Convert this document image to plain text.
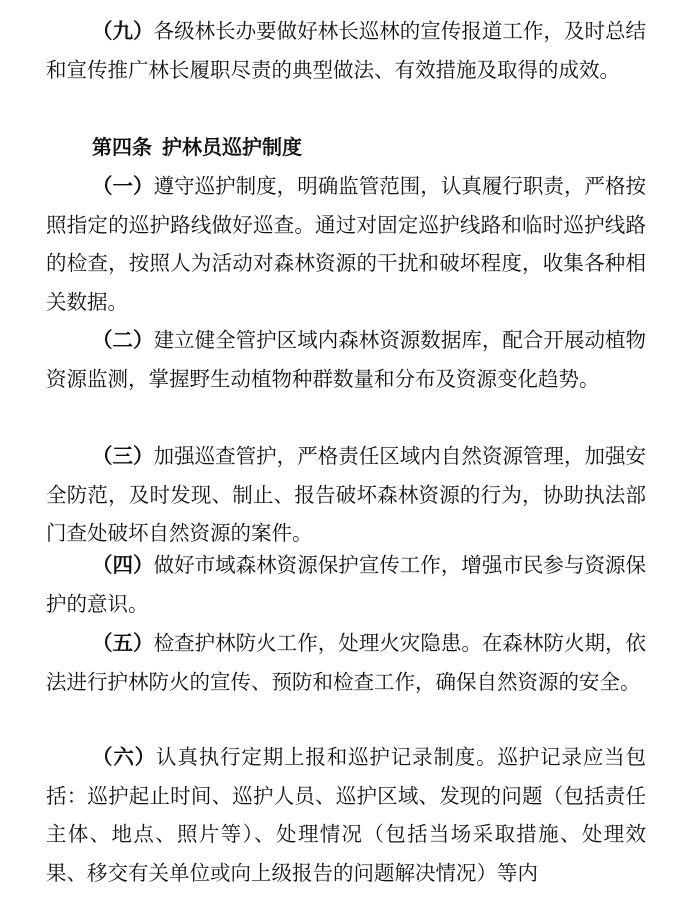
（九）各级林长办要做好林长巡林的宣传报道工作，及时总结和宣传推广林长履职尽责的典型做法、有效措施及取得的成效。

第四条 护林员巡护制度

（一）遵守巡护制度，明确监管范围，认真履行职责，严格按照指定的巡护路线做好巡查。通过对固定巡护线路和临时巡护线路的检查，按照人为活动对森林资源的干扰和破坏程度，收集各种相关数据。

（二）建立健全管护区域内森林资源数据库，配合开展动植物资源监测，掌握野生动植物种群数量和分布及资源变化趋势。

（三）加强巡查管护，严格责任区域内自然资源管理，加强安全防范，及时发现、制止、报告破坏森林资源的行为，协助执法部门查处破坏自然资源的案件。

（四）做好市域森林资源保护宣传工作，增强市民参与资源保护的意识。

（五）检查护林防火工作，处理火灾隐患。在森林防火期，依法进行护林防火的宣传、预防和检查工作，确保自然资源的安全。

（六）认真执行定期上报和巡护记录制度。巡护记录应当包括：巡护起止时间、巡护人员、巡护区域、发现的问题（包括责任主体、地点、照片等）、处理情况（包括当场采取措施、处理效果、移交有关单位或向上级报告的问题解决情况）等内
